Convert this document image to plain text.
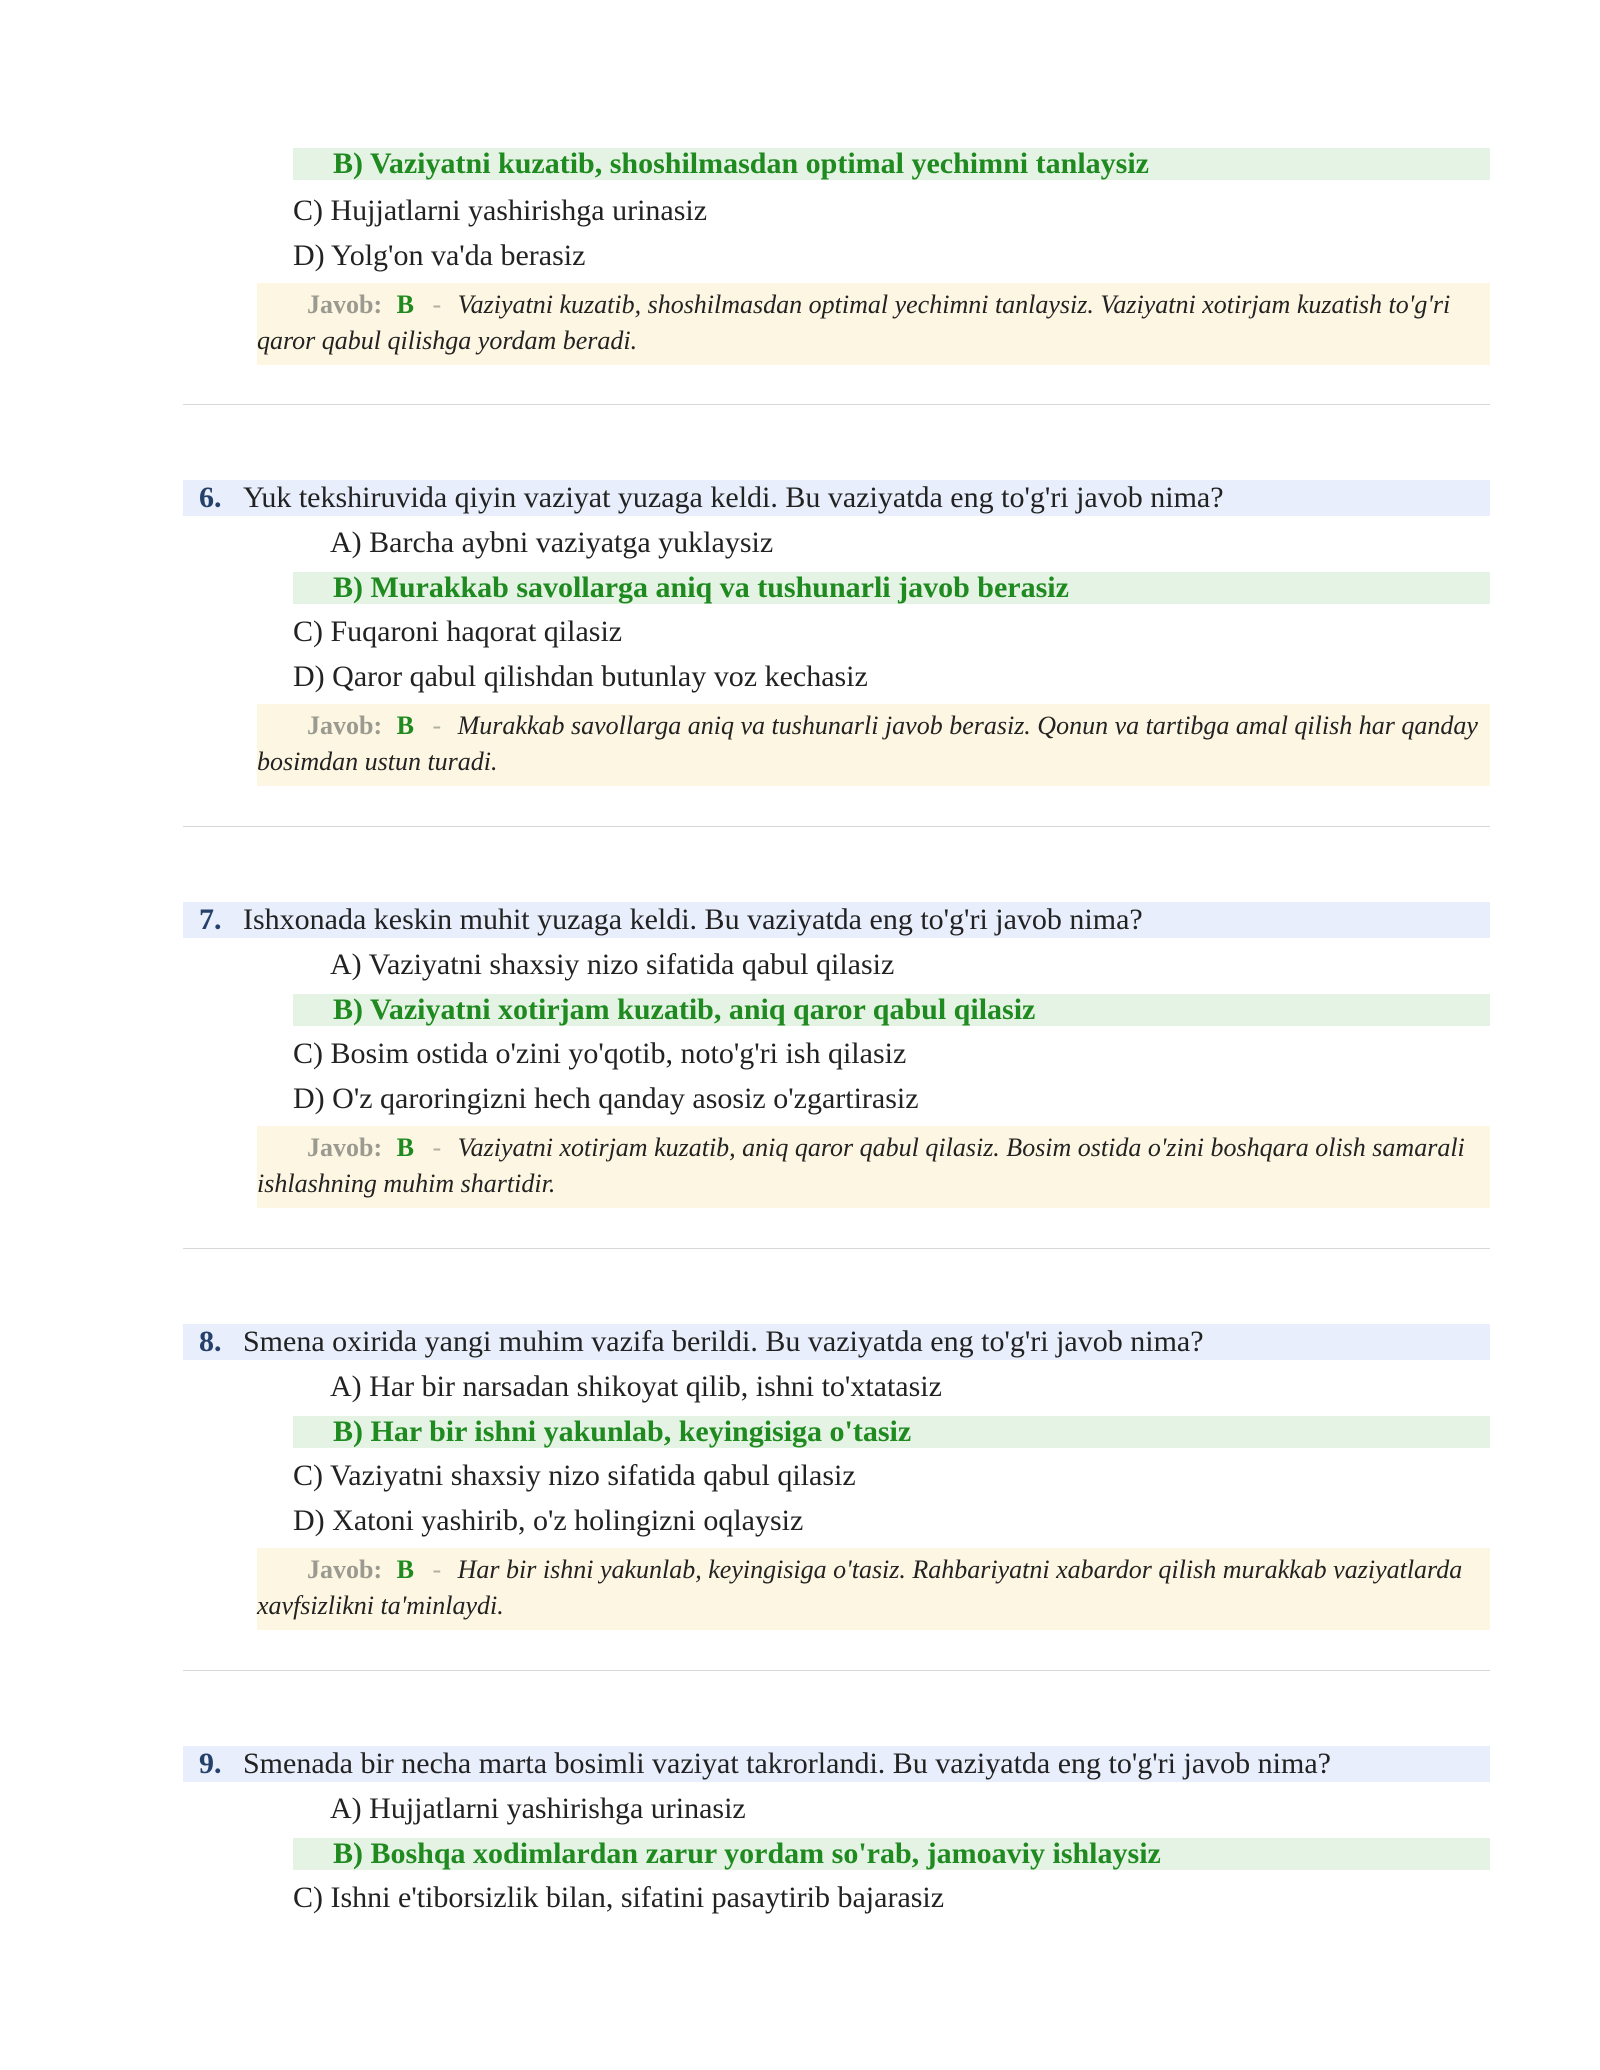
B) Vaziyatni kuzatib, shoshilmasdan optimal yechimni tanlaysiz
C) Hujjatlarni yashirishga urinasiz
D) Yolg'on va'da berasiz
Javob: B - Vaziyatni kuzatib, shoshilmasdan optimal yechimni tanlaysiz. Vaziyatni xotirjam kuzatish to'g'ri qaror qabul qilishga yordam beradi.
6. Yuk tekshiruvida qiyin vaziyat yuzaga keldi. Bu vaziyatda eng to'g'ri javob nima?
A) Barcha aybni vaziyatga yuklaysiz
B) Murakkab savollarga aniq va tushunarli javob berasiz
C) Fuqaroni haqorat qilasiz
D) Qaror qabul qilishdan butunlay voz kechasiz
Javob: B - Murakkab savollarga aniq va tushunarli javob berasiz. Qonun va tartibga amal qilish har qanday bosimdan ustun turadi.
7. Ishxonada keskin muhit yuzaga keldi. Bu vaziyatda eng to'g'ri javob nima?
A) Vaziyatni shaxsiy nizo sifatida qabul qilasiz
B) Vaziyatni xotirjam kuzatib, aniq qaror qabul qilasiz
C) Bosim ostida o'zini yo'qotib, noto'g'ri ish qilasiz
D) O'z qaroringizni hech qanday asosiz o'zgartirasiz
Javob: B - Vaziyatni xotirjam kuzatib, aniq qaror qabul qilasiz. Bosim ostida o'zini boshqara olish samarali ishlashning muhim shartidir.
8. Smena oxirida yangi muhim vazifa berildi. Bu vaziyatda eng to'g'ri javob nima?
A) Har bir narsadan shikoyat qilib, ishni to'xtatasiz
B) Har bir ishni yakunlab, keyingisiga o'tasiz
C) Vaziyatni shaxsiy nizo sifatida qabul qilasiz
D) Xatoni yashirib, o'z holingizni oqlaysiz
Javob: B - Har bir ishni yakunlab, keyingisiga o'tasiz. Rahbariyatni xabardor qilish murakkab vaziyatlarda xavfsizlikni ta'minlaydi.
9. Smenada bir necha marta bosimli vaziyat takrorlandi. Bu vaziyatda eng to'g'ri javob nima?
A) Hujjatlarni yashirishga urinasiz
B) Boshqa xodimlardan zarur yordam so'rab, jamoaviy ishlaysiz
C) Ishni e'tiborsizlik bilan, sifatini pasaytirib bajarasiz
